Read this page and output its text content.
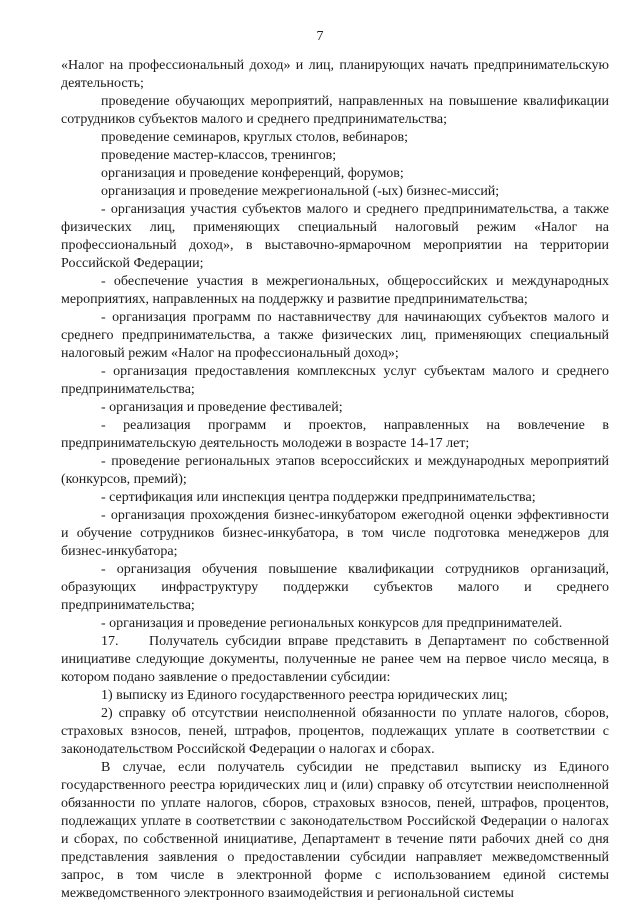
7

«Налог на профессиональный доход» и лиц, планирующих начать предпринимательскую деятельность;

проведение обучающих мероприятий, направленных на повышение квалификации сотрудников субъектов малого и среднего предпринимательства;

проведение семинаров, круглых столов, вебинаров;

проведение мастер-классов, тренингов;

организация и проведение конференций, форумов;

организация и проведение межрегиональной (-ых) бизнес-миссий;

- организация участия субъектов малого и среднего предпринимательства, а также физических лиц, применяющих специальный налоговый режим «Налог на профессиональный доход», в выставочно-ярмарочном мероприятии на территории Российской Федерации;

- обеспечение участия в межрегиональных, общероссийских и международных мероприятиях, направленных на поддержку и развитие предпринимательства;

- организация программ по наставничеству для начинающих субъектов малого и среднего предпринимательства, а также физических лиц, применяющих специальный налоговый режим «Налог на профессиональный доход»;

- организация предоставления комплексных услуг субъектам малого и среднего предпринимательства;

- организация и проведение фестивалей;

- реализация программ и проектов, направленных на вовлечение в предпринимательскую деятельность молодежи в возрасте 14-17 лет;

- проведение региональных этапов всероссийских и международных мероприятий (конкурсов, премий);

- сертификация или инспекция центра поддержки предпринимательства;

- организация прохождения бизнес-инкубатором ежегодной оценки эффективности и обучение сотрудников бизнес-инкубатора, в том числе подготовка менеджеров для бизнес-инкубатора;

- организация обучения повышение квалификации сотрудников организаций, образующих инфраструктуру поддержки субъектов малого и среднего предпринимательства;

- организация и проведение региональных конкурсов для предпринимателей.

17. Получатель субсидии вправе представить в Департамент по собственной инициативе следующие документы, полученные не ранее чем на первое число месяца, в котором подано заявление о предоставлении субсидии:

1) выписку из Единого государственного реестра юридических лиц;

2) справку об отсутствии неисполненной обязанности по уплате налогов, сборов, страховых взносов, пеней, штрафов, процентов, подлежащих уплате в соответствии с законодательством Российской Федерации о налогах и сборах.

В случае, если получатель субсидии не представил выписку из Единого государственного реестра юридических лиц и (или) справку об отсутствии неисполненной обязанности по уплате налогов, сборов, страховых взносов, пеней, штрафов, процентов, подлежащих уплате в соответствии с законодательством Российской Федерации о налогах и сборах, по собственной инициативе, Департамент в течение пяти рабочих дней со дня представления заявления о предоставлении субсидии направляет межведомственный запрос, в том числе в электронной форме с использованием единой системы межведомственного электронного взаимодействия и региональной системы
